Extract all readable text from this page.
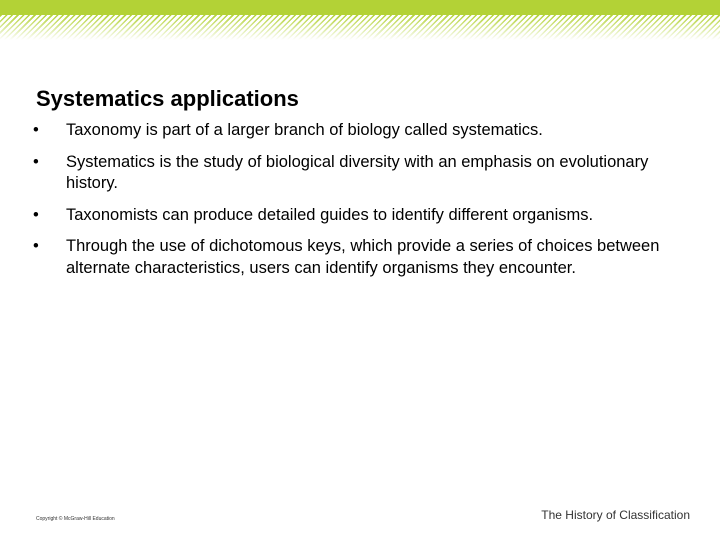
Systematics applications
•	Taxonomy is part of a larger branch of biology called systematics.
•	Systematics is the study of biological diversity with an emphasis on evolutionary history.
•	Taxonomists can produce detailed guides to identify different organisms.
•	Through the use of dichotomous keys, which provide a series of choices between alternate characteristics, users can identify organisms they encounter.
Copyright © McGraw-Hill Education	The History of Classification
